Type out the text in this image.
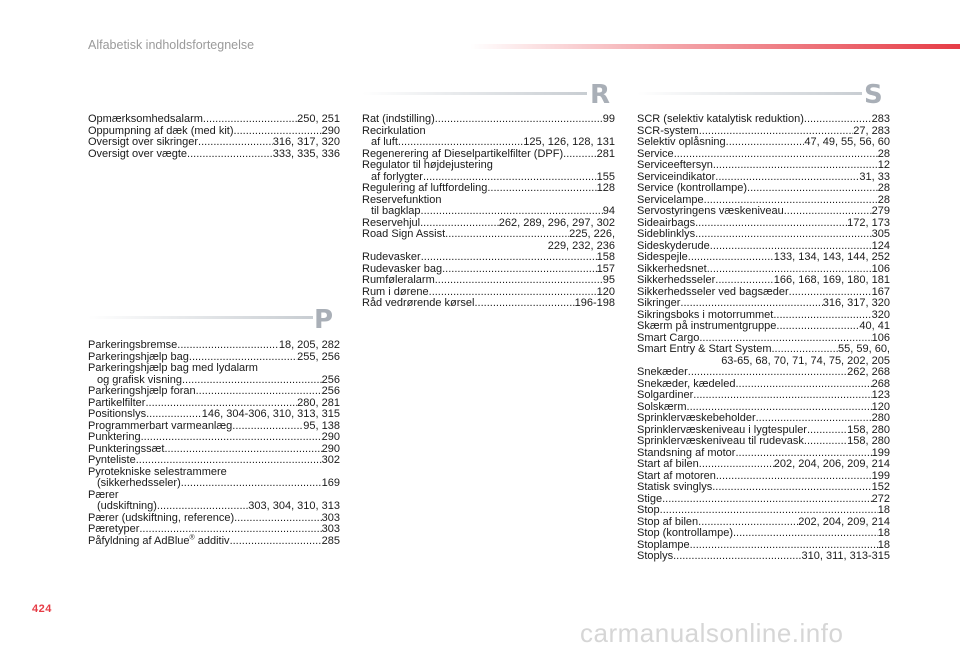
Alfabetisk indholdsfortegnelse
Opmærksomhedsalarm .....	250, 251
Oppumpning af dæk (med kit) .....	290
Oversigt over sikringer .....	316, 317, 320
Oversigt over vægte .....	333, 335, 336
P
Parkeringsbremse .....	18, 205, 282
Parkeringshjælp bag .....	255, 256
Parkeringshjælp bag med lydalarm
og grafisk visning .....	256
Parkeringshjælp foran .....	256
Partikelfilter .....	280, 281
Positionslys .....	146, 304-306, 310, 313, 315
Programmerbart varmeanlæg .....	95, 138
Punktering .....	290
Punkteringssæt .....	290
Pynteliste .....	302
Pyrotekniske selestrammere
(sikkerhedsseler) .....	169
Pærer
(udskiftning) .....	303, 304, 310, 313
Pærer (udskiftning, reference) .....	303
Pæretyper .....	303
Påfyldning af AdBlue® additiv .....	285
R
Rat (indstilling) .....	99
Recirkulation
af luft .....	125, 126, 128, 131
Regenerering af Dieselpartikelfilter (DPF) .....	281
Regulator til højdejustering
af forlygter .....	155
Regulering af luftfordeling .....	128
Reservefunktion
til bagklap .....	94
Reservehjul .....	262, 289, 296, 297, 302
Road Sign Assist .....	225, 226,
229, 232, 236
Rudevasker .....	158
Rudevasker bag .....	157
Rumføleralarm .....	95
Rum i dørene .....	120
Råd vedrørende kørsel .....	196-198
S
SCR (selektiv katalytisk reduktion) .....	283
SCR-system .....	27, 283
Selektiv oplåsning .....	47, 49, 55, 56, 60
Service .....	28
Serviceeftersyn .....	12
Serviceindikator .....	31, 33
Service (kontrollampe) .....	28
Servicelampe .....	28
Servostyringens væskeniveau .....	279
Sideairbags .....	172, 173
Sideblinklys .....	305
Sideskyderude .....	124
Sidespejle .....	133, 134, 143, 144, 252
Sikkerhedsnet .....	106
Sikkerhedsseler .....	166, 168, 169, 180, 181
Sikkerhedsseler ved bagsæder .....	167
Sikringer .....	316, 317, 320
Sikringsboks i motorrummet .....	320
Skærm på instrumentgruppe .....	40, 41
Smart Cargo .....	106
Smart Entry & Start System .....	55, 59, 60,
63-65, 68, 70, 71, 74, 75, 202, 205
Snekæder .....	262, 268
Snekæder, kædeled .....	268
Solgardiner .....	123
Solskærm .....	120
Sprinklervæskebeholder .....	280
Sprinklervæskeniveau i lygtespuler .....	158, 280
Sprinklervæskeniveau til rudevask .....	158, 280
Standsning af motor .....	199
Start af bilen .....	202, 204, 206, 209, 214
Start af motoren .....	199
Statisk svinglys .....	152
Stige .....	272
Stop .....	18
Stop af bilen .....	202, 204, 209, 214
Stop (kontrollampe) .....	18
Stoplampe .....	18
Stoplys .....	310, 311, 313-315
424
carmanualsonline.info
